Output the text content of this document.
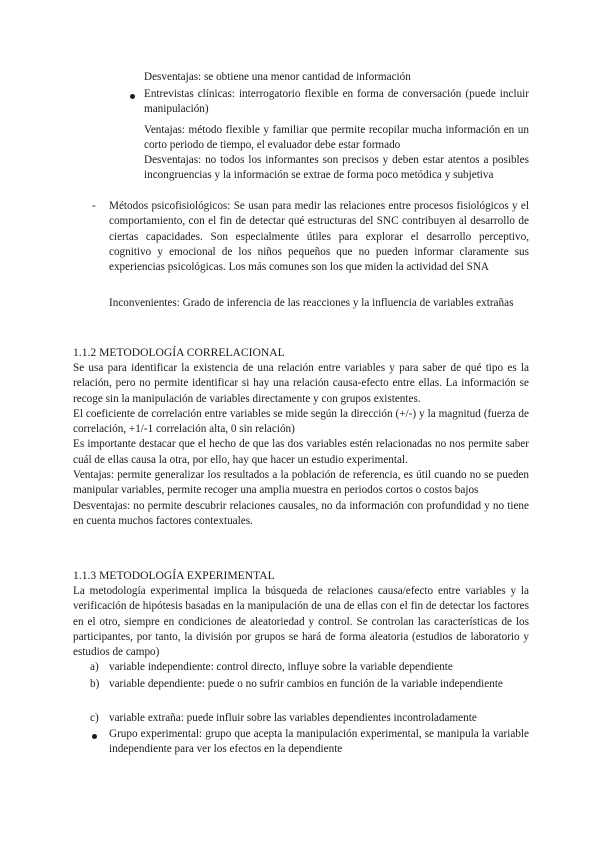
Desventajas: se obtiene una menor cantidad de información

Entrevistas clínicas: interrogatorio flexible en forma de conversación (puede incluir manipulación)

Ventajas: método flexible y familiar que permite recopilar mucha información en un corto periodo de tiempo, el evaluador debe estar formado

Desventajas: no todos los informantes son precisos y deben estar atentos a posibles incongruencias y la información se extrae de forma poco metódica y subjetiva

- Métodos psicofisiológicos: Se usan para medir las relaciones entre procesos fisiológicos y el comportamiento, con el fin de detectar qué estructuras del SNC contribuyen al desarrollo de ciertas capacidades. Son especialmente útiles para explorar el desarrollo perceptivo, cognitivo y emocional de los niños pequeños que no pueden informar claramente sus experiencias psicológicas. Los más comunes son los que miden la actividad del SNA

Inconvenientes: Grado de inferencia de las reacciones y la influencia de variables extrañas

1.1.2 METODOLOGÍA CORRELACIONAL

Se usa para identificar la existencia de una relación entre variables y para saber de qué tipo es la relación, pero no permite identificar si hay una relación causa-efecto entre ellas. La información se recoge sin la manipulación de variables directamente y con grupos existentes.

El coeficiente de correlación entre variables se mide según la dirección (+/-) y la magnitud (fuerza de correlación, +1/-1 correlación alta, 0 sin relación)

Es importante destacar que el hecho de que las dos variables estén relacionadas no nos permite saber cuál de ellas causa la otra, por ello, hay que hacer un estudio experimental.

Ventajas: permite generalizar los resultados a la población de referencia, es útil cuando no se pueden manipular variables, permite recoger una amplia muestra en periodos cortos o costos bajos

Desventajas: no permite descubrir relaciones causales, no da información con profundidad y no tiene en cuenta muchos factores contextuales.

1.1.3 METODOLOGÍA EXPERIMENTAL

La metodología experimental implica la búsqueda de relaciones causa/efecto entre variables y la verificación de hipótesis basadas en la manipulación de una de ellas con el fin de detectar los factores en el otro, siempre en condiciones de aleatoriedad y control. Se controlan las características de los participantes, por tanto, la división por grupos se hará de forma aleatoria (estudios de laboratorio y estudios de campo)

a) variable independiente: control directo, influye sobre la variable dependiente

b) variable dependiente: puede o no sufrir cambios en función de la variable independiente

c) variable extraña: puede influir sobre las variables dependientes incontroladamente

Grupo experimental: grupo que acepta la manipulación experimental, se manipula la variable independiente para ver los efectos en la dependiente
